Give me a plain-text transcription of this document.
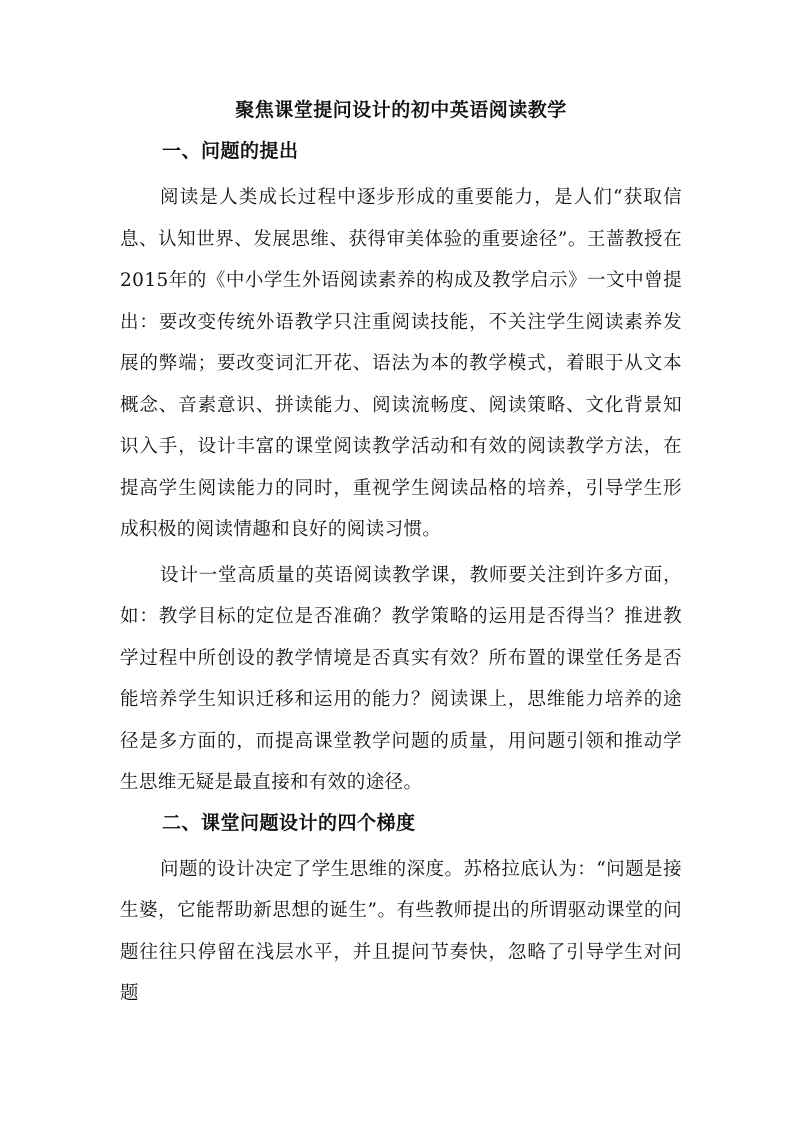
聚焦课堂提问设计的初中英语阅读教学
一、问题的提出

阅读是人类成长过程中逐步形成的重要能力，是人们“获取信息、认知世界、发展思维、获得审美体验的重要途径”。王蔷教授在2015年的《中小学生外语阅读素养的构成及教学启示》一文中曾提出：要改变传统外语教学只注重阅读技能，不关注学生阅读素养发展的弊端；要改变词汇开花、语法为本的教学模式，着眼于从文本概念、音素意识、拼读能力、阅读流畅度、阅读策略、文化背景知识入手，设计丰富的课堂阅读教学活动和有效的阅读教学方法，在提高学生阅读能力的同时，重视学生阅读品格的培养，引导学生形成积极的阅读情趣和良好的阅读习惯。

设计一堂高质量的英语阅读教学课，教师要关注到许多方面，如：教学目标的定位是否准确？教学策略的运用是否得当？推进教学过程中所创设的教学情境是否真实有效？所布置的课堂任务是否能培养学生知识迁移和运用的能力？阅读课上，思维能力培养的途径是多方面的，而提高课堂教学问题的质量，用问题引领和推动学生思维无疑是最直接和有效的途径。

二、课堂问题设计的四个梯度

问题的设计决定了学生思维的深度。苏格拉底认为：“问题是接生婆，它能帮助新思想的诞生”。有些教师提出的所谓驱动课堂的问题往往只停留在浅层水平，并且提问节奏快，忽略了引导学生对问题
